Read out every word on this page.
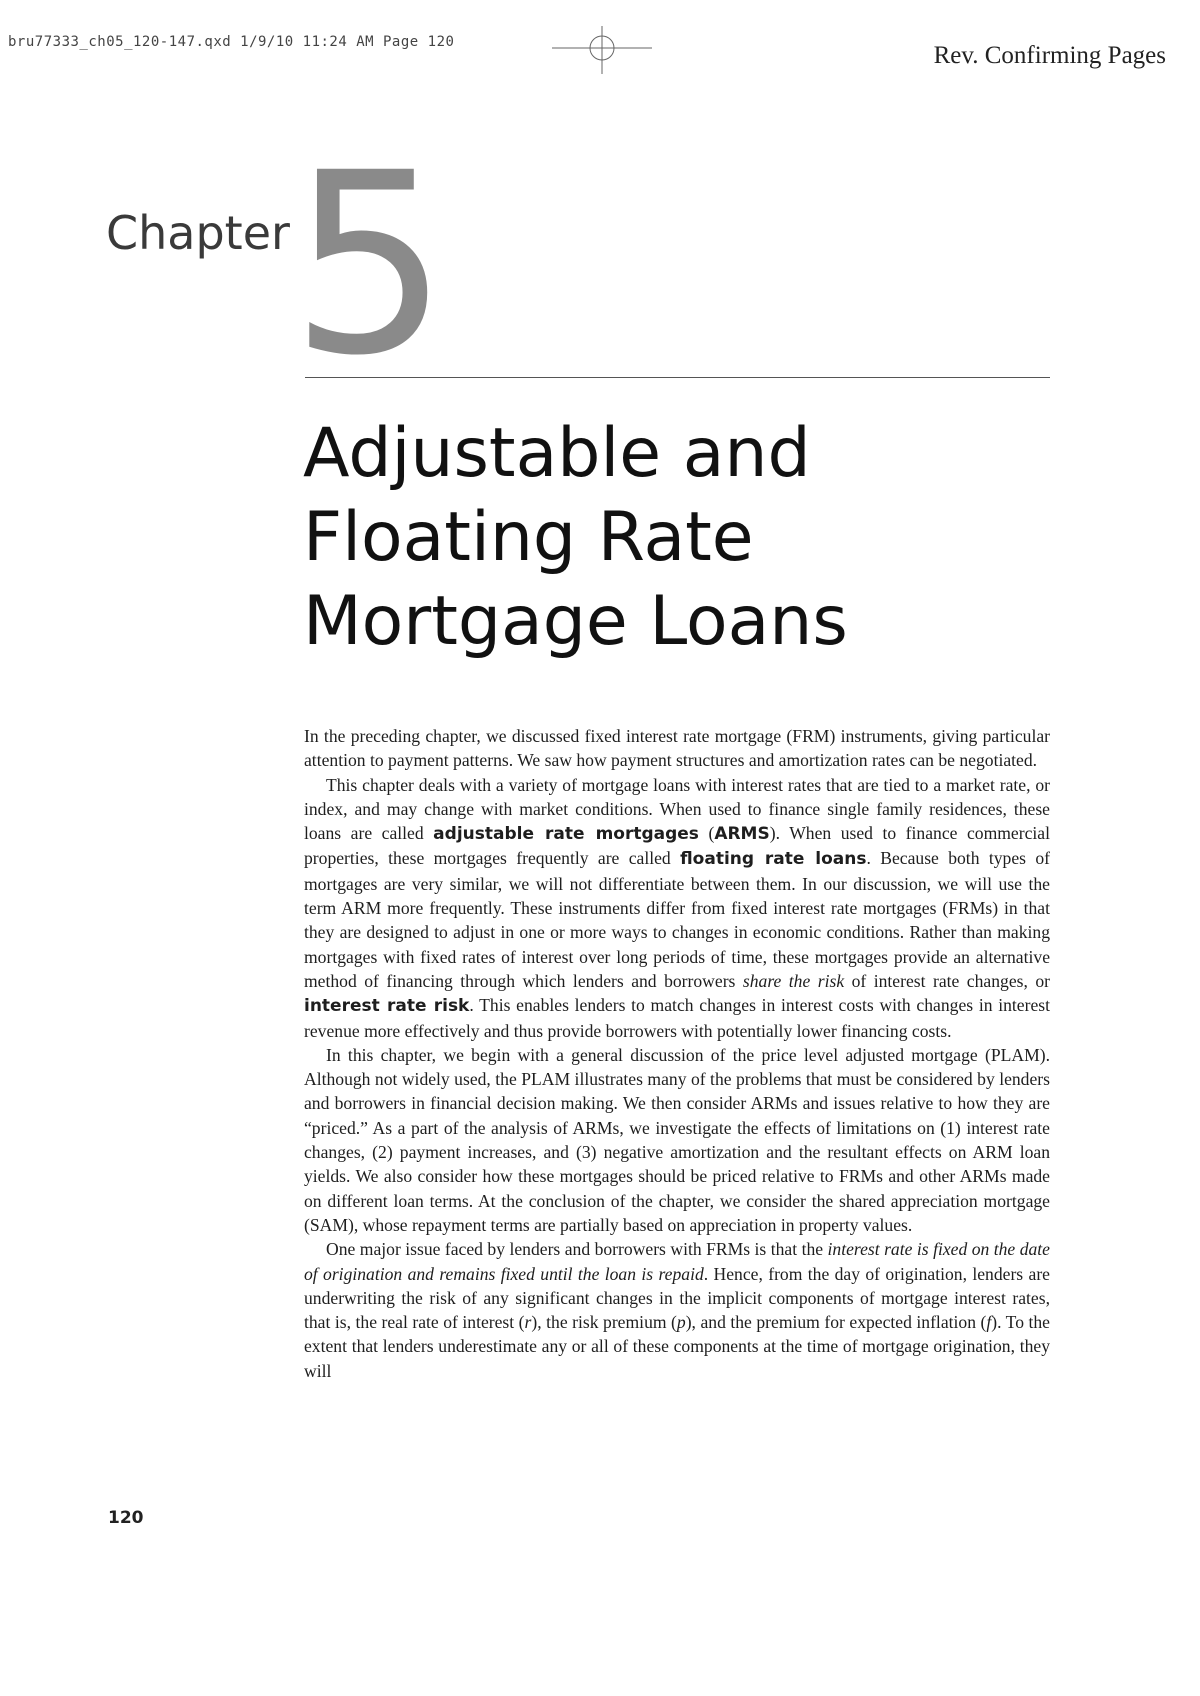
bru77333_ch05_120-147.qxd 1/9/10 11:24 AM Page 120	Rev. Confirming Pages
Chapter 5
Adjustable and
Floating Rate
Mortgage Loans

In the preceding chapter, we discussed fixed interest rate mortgage (FRM) instruments, giving particular attention to payment patterns. We saw how payment structures and amortization rates can be negotiated.

This chapter deals with a variety of mortgage loans with interest rates that are tied to a market rate, or index, and may change with market conditions. When used to finance single family residences, these loans are called adjustable rate mortgages (ARMS). When used to finance commercial properties, these mortgages frequently are called floating rate loans. Because both types of mortgages are very similar, we will not differentiate between them. In our discussion, we will use the term ARM more frequently. These instruments differ from fixed interest rate mortgages (FRMs) in that they are designed to adjust in one or more ways to changes in economic conditions. Rather than making mortgages with fixed rates of interest over long periods of time, these mortgages provide an alternative method of financing through which lenders and borrowers share the risk of interest rate changes, or interest rate risk. This enables lenders to match changes in interest costs with changes in interest revenue more effectively and thus provide borrowers with potentially lower financing costs.

In this chapter, we begin with a general discussion of the price level adjusted mortgage (PLAM). Although not widely used, the PLAM illustrates many of the problems that must be considered by lenders and borrowers in financial decision making. We then consider ARMs and issues relative to how they are “priced.” As a part of the analysis of ARMs, we investigate the effects of limitations on (1) interest rate changes, (2) payment increases, and (3) negative amortization and the resultant effects on ARM loan yields. We also consider how these mortgages should be priced relative to FRMs and other ARMs made on different loan terms. At the conclusion of the chapter, we consider the shared appreciation mortgage (SAM), whose repayment terms are partially based on appreciation in property values.

One major issue faced by lenders and borrowers with FRMs is that the interest rate is fixed on the date of origination and remains fixed until the loan is repaid. Hence, from the day of origination, lenders are underwriting the risk of any significant changes in the implicit components of mortgage interest rates, that is, the real rate of interest (r), the risk premium (p), and the premium for expected inflation (f). To the extent that lenders underestimate any or all of these components at the time of mortgage origination, they will

120
